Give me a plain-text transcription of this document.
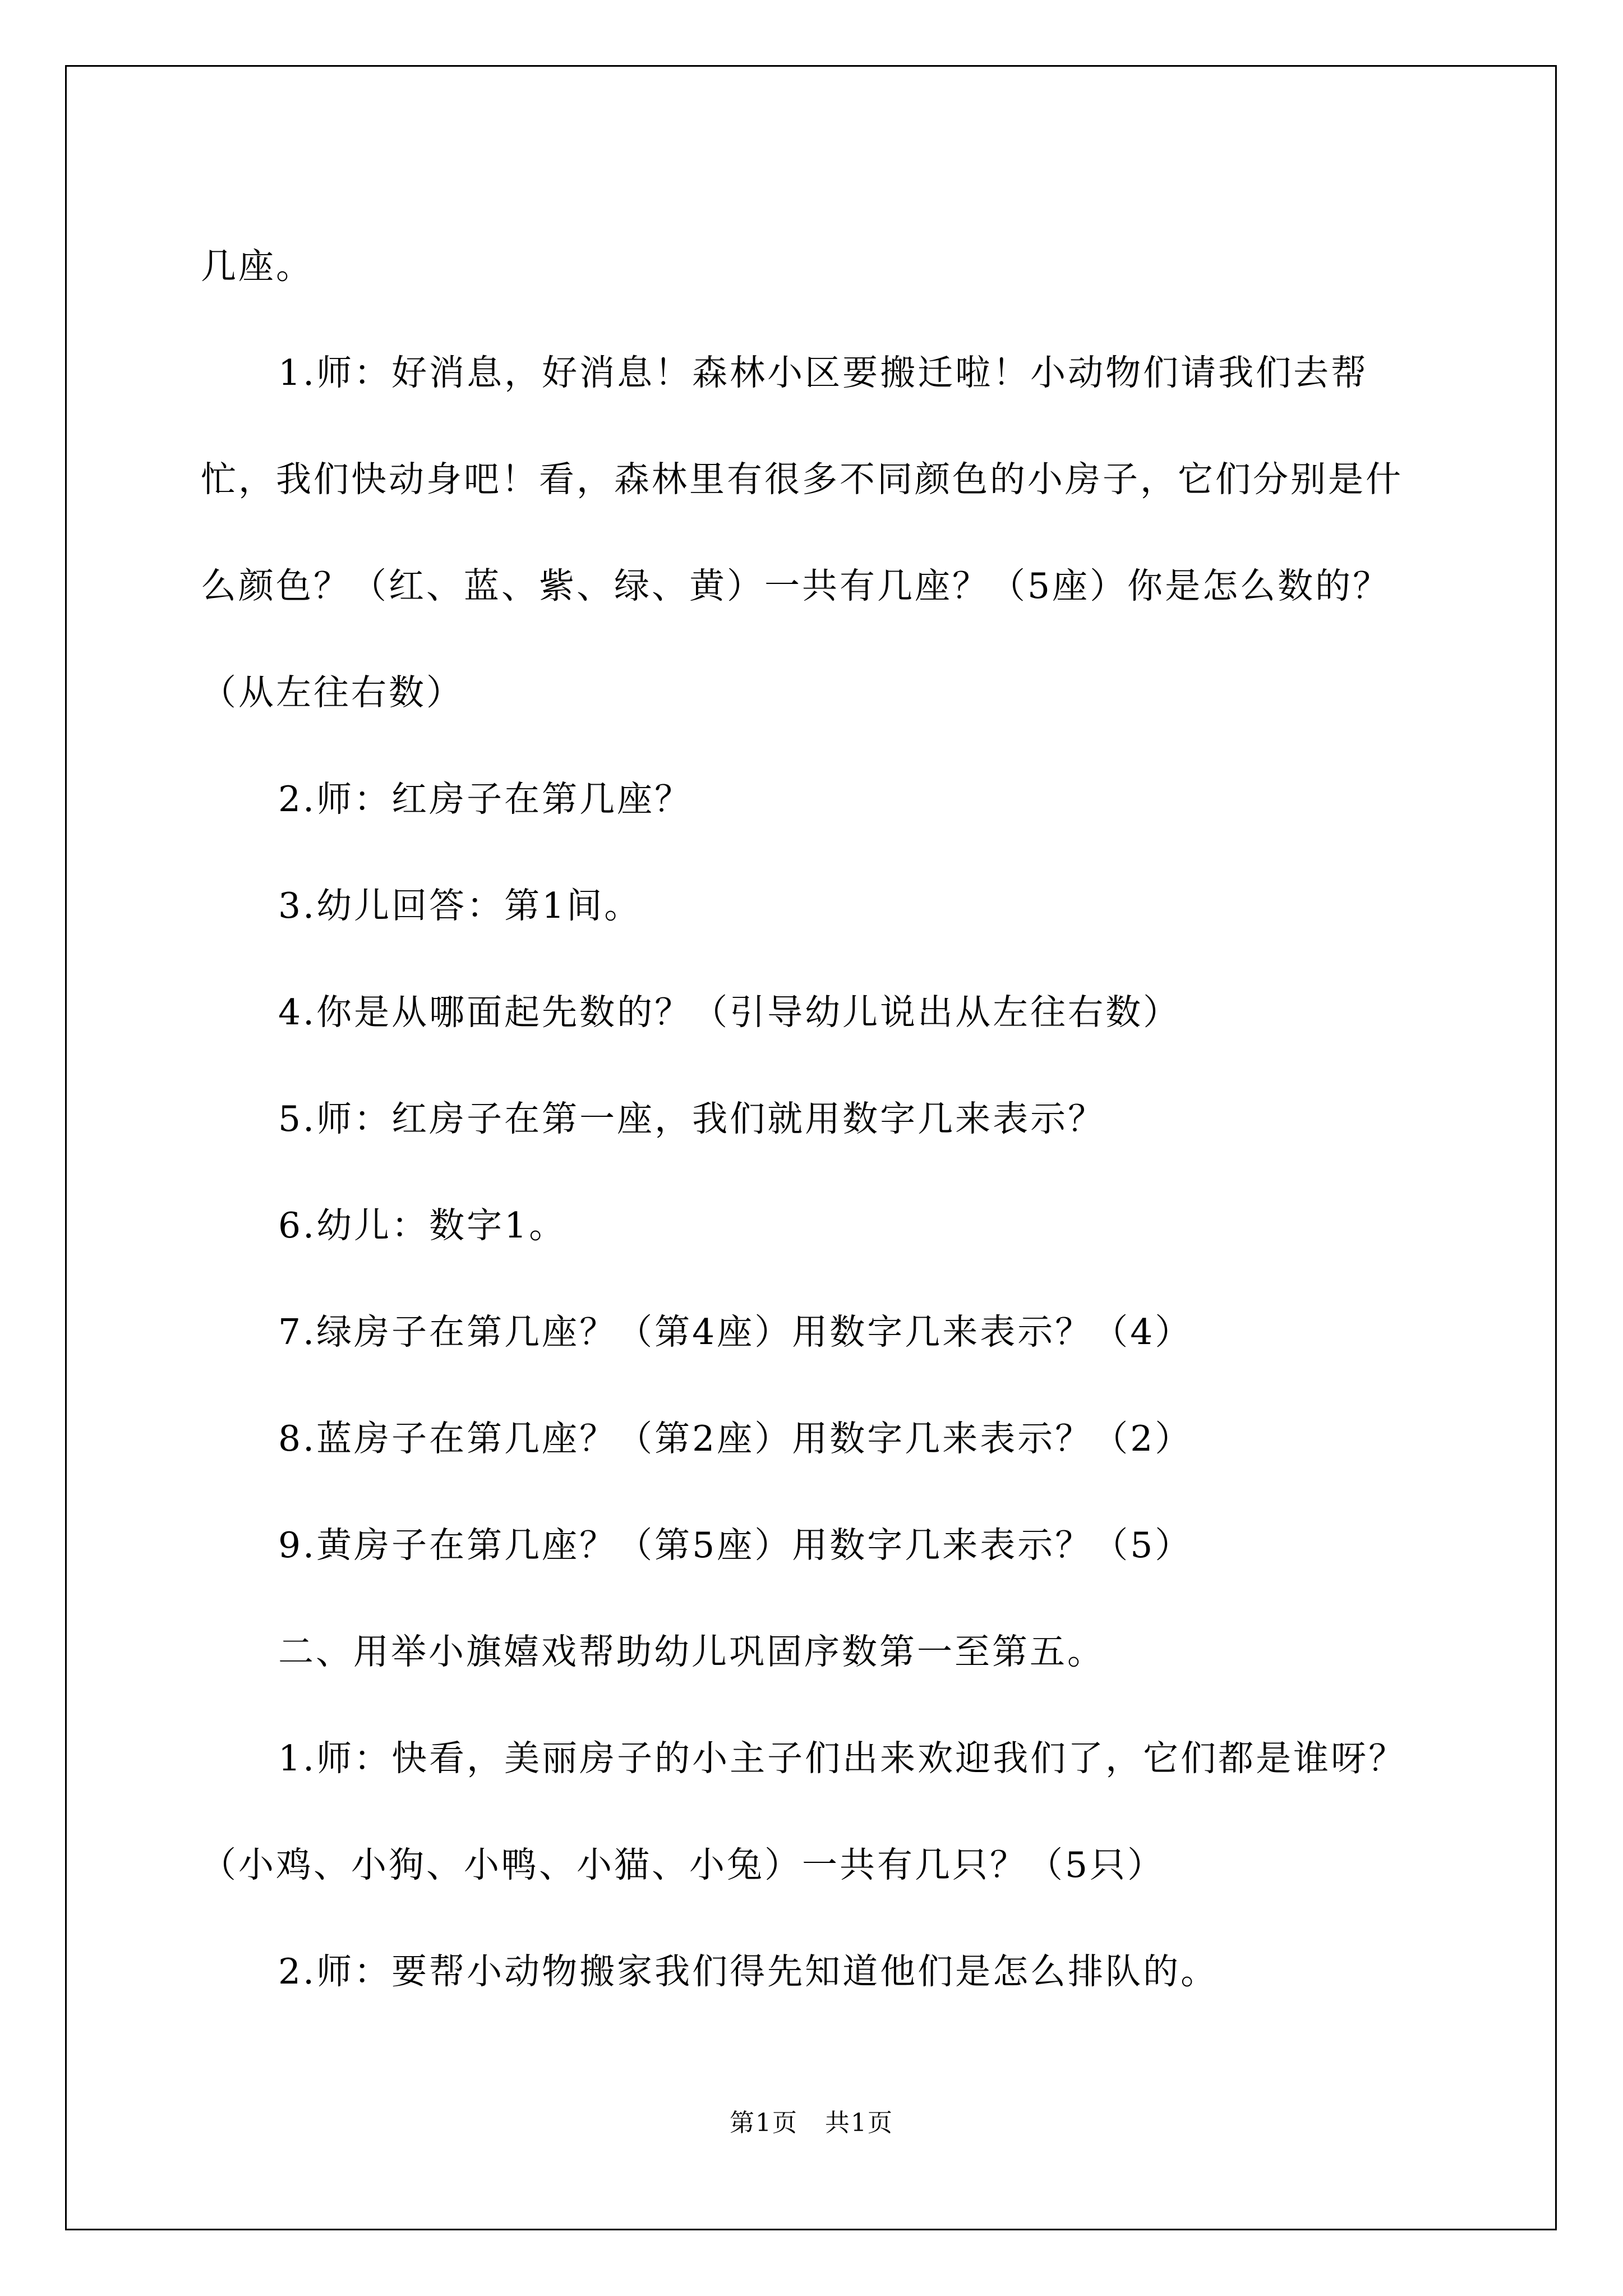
几座。

1.师：好消息，好消息！森林小区要搬迁啦！小动物们请我们去帮忙，我们快动身吧！看，森林里有很多不同颜色的小房子，它们分别是什么颜色？（红、蓝、紫、绿、黄）一共有几座？（5座）你是怎么数的？（从左往右数）

2.师：红房子在第几座？

3.幼儿回答：第1间。

4.你是从哪面起先数的？（引导幼儿说出从左往右数）

5.师：红房子在第一座，我们就用数字几来表示？

6.幼儿：数字1。

7.绿房子在第几座？（第4座）用数字几来表示？（4）

8.蓝房子在第几座？（第2座）用数字几来表示？（2）

9.黄房子在第几座？（第5座）用数字几来表示？（5）

二、用举小旗嬉戏帮助幼儿巩固序数第一至第五。

1.师：快看，美丽房子的小主子们出来欢迎我们了，它们都是谁呀？（小鸡、小狗、小鸭、小猫、小兔）一共有几只？（5只）

2.师：要帮小动物搬家我们得先知道他们是怎么排队的。

第1页   共1页
